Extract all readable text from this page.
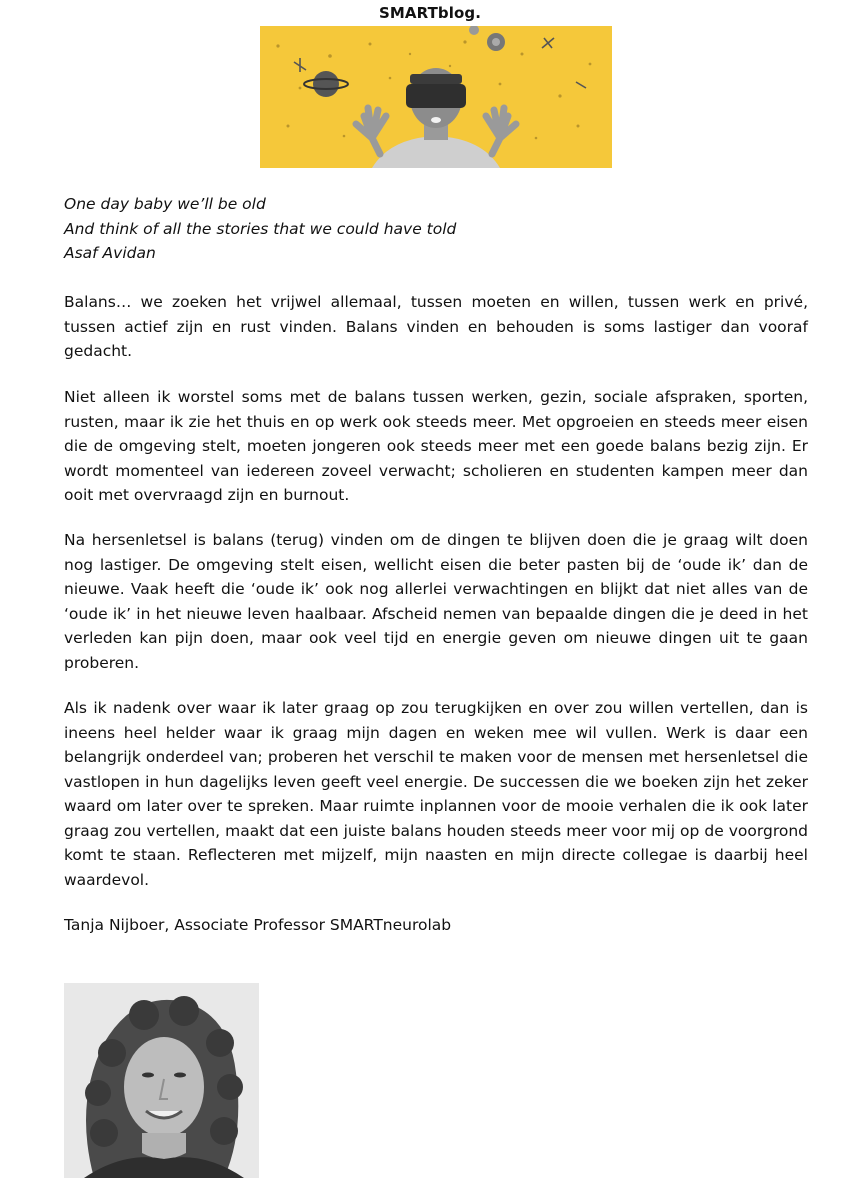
SMARTblog.
One day baby we’ll be old
And think of all the stories that we could have told
Asaf Avidan
Balans… we zoeken het vrijwel allemaal, tussen moeten en willen, tussen werk en privé, tussen actief zijn en rust vinden. Balans vinden en behouden is soms lastiger dan vooraf gedacht.
Niet alleen ik worstel soms met de balans tussen werken, gezin, sociale afspraken, sporten, rusten, maar ik zie het thuis en op werk ook steeds meer. Met opgroeien en steeds meer eisen die de omgeving stelt, moeten jongeren ook steeds meer met een goede balans bezig zijn. Er wordt momenteel van iedereen zoveel verwacht; scholieren en studenten kampen meer dan ooit met overvraagd zijn en burnout.
Na hersenletsel is balans (terug) vinden om de dingen te blijven doen die je graag wilt doen nog lastiger. De omgeving stelt eisen, wellicht eisen die beter pasten bij de ‘oude ik’ dan de nieuwe. Vaak heeft die ‘oude ik’ ook nog allerlei verwachtingen en blijkt dat niet alles van de ‘oude ik’ in het nieuwe leven haalbaar. Afscheid nemen van bepaalde dingen die je deed in het verleden kan pijn doen, maar ook veel tijd en energie geven om nieuwe dingen uit te gaan proberen.
Als ik nadenk over waar ik later graag op zou terugkijken en over zou willen vertellen, dan is ineens heel helder waar ik graag mijn dagen en weken mee wil vullen. Werk is daar een belangrijk onderdeel van; proberen het verschil te maken voor de mensen met hersenletsel die vastlopen in hun dagelijks leven geeft veel energie. De successen die we boeken zijn het zeker waard om later over te spreken. Maar ruimte inplannen voor de mooie verhalen die ik ook later graag zou vertellen, maakt dat een juiste balans houden steeds meer voor mij op de voorgrond komt te staan. Reflecteren met mijzelf, mijn naasten en mijn directe collegae is daarbij heel waardevol.
Tanja Nijboer, Associate Professor SMARTneurolab
